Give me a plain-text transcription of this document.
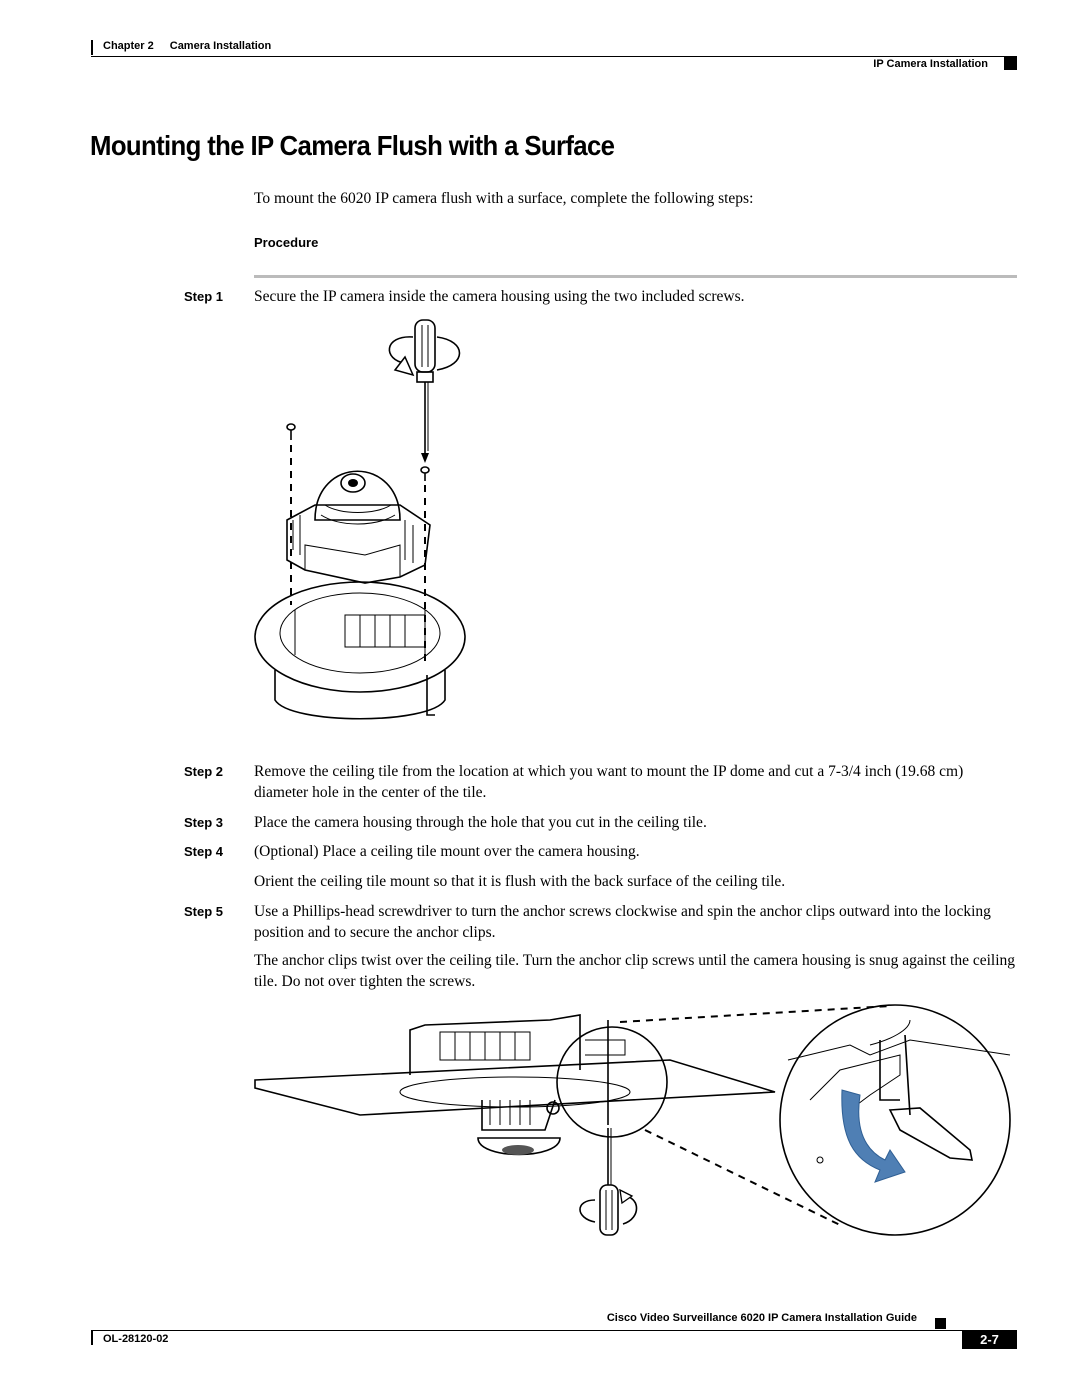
Chapter 2 Camera Installation
IP Camera Installation
Mounting the IP Camera Flush with a Surface
To mount the 6020 IP camera flush with a surface, complete the following steps:
Procedure
Step 1 Secure the IP camera inside the camera housing using the two included screws.
Step 2 Remove the ceiling tile from the location at which you want to mount the IP dome and cut a 7-3/4 inch (19.68 cm) diameter hole in the center of the tile.
Step 3 Place the camera housing through the hole that you cut in the ceiling tile.
Step 4 (Optional) Place a ceiling tile mount over the camera housing.
Orient the ceiling tile mount so that it is flush with the back surface of the ceiling tile.
Step 5 Use a Phillips-head screwdriver to turn the anchor screws clockwise and spin the anchor clips outward into the locking position and to secure the anchor clips.
The anchor clips twist over the ceiling tile. Turn the anchor clip screws until the camera housing is snug against the ceiling tile. Do not over tighten the screws.
Cisco Video Surveillance 6020 IP Camera Installation Guide
OL-28120-02	2-7
